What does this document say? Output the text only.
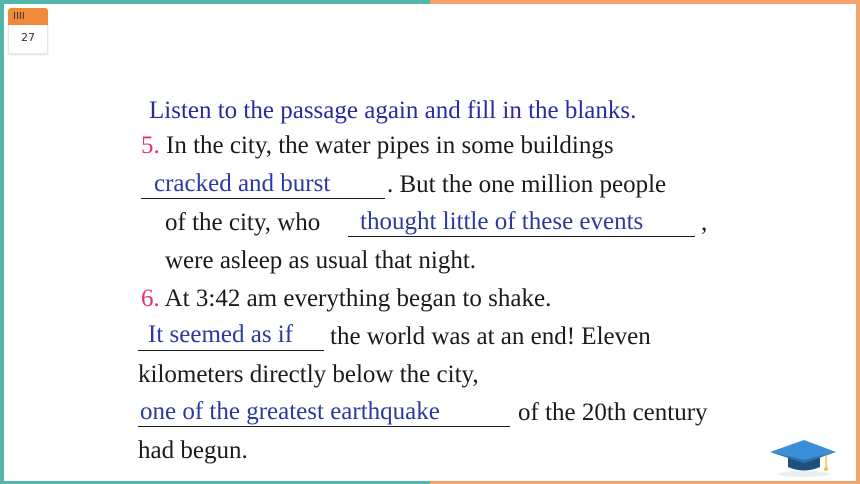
IIII
27
Listen to the passage again and fill in the blanks.
5. In the city, the water pipes in some buildings
cracked and burst . But the one million people
of the city, who thought little of these events ,
were asleep as usual that night.
6. At 3:42 am everything began to shake.
It seemed as if the world was at an end! Eleven
kilometers directly below the city,
one of the greatest earthquake	of the 20th century
had begun.
